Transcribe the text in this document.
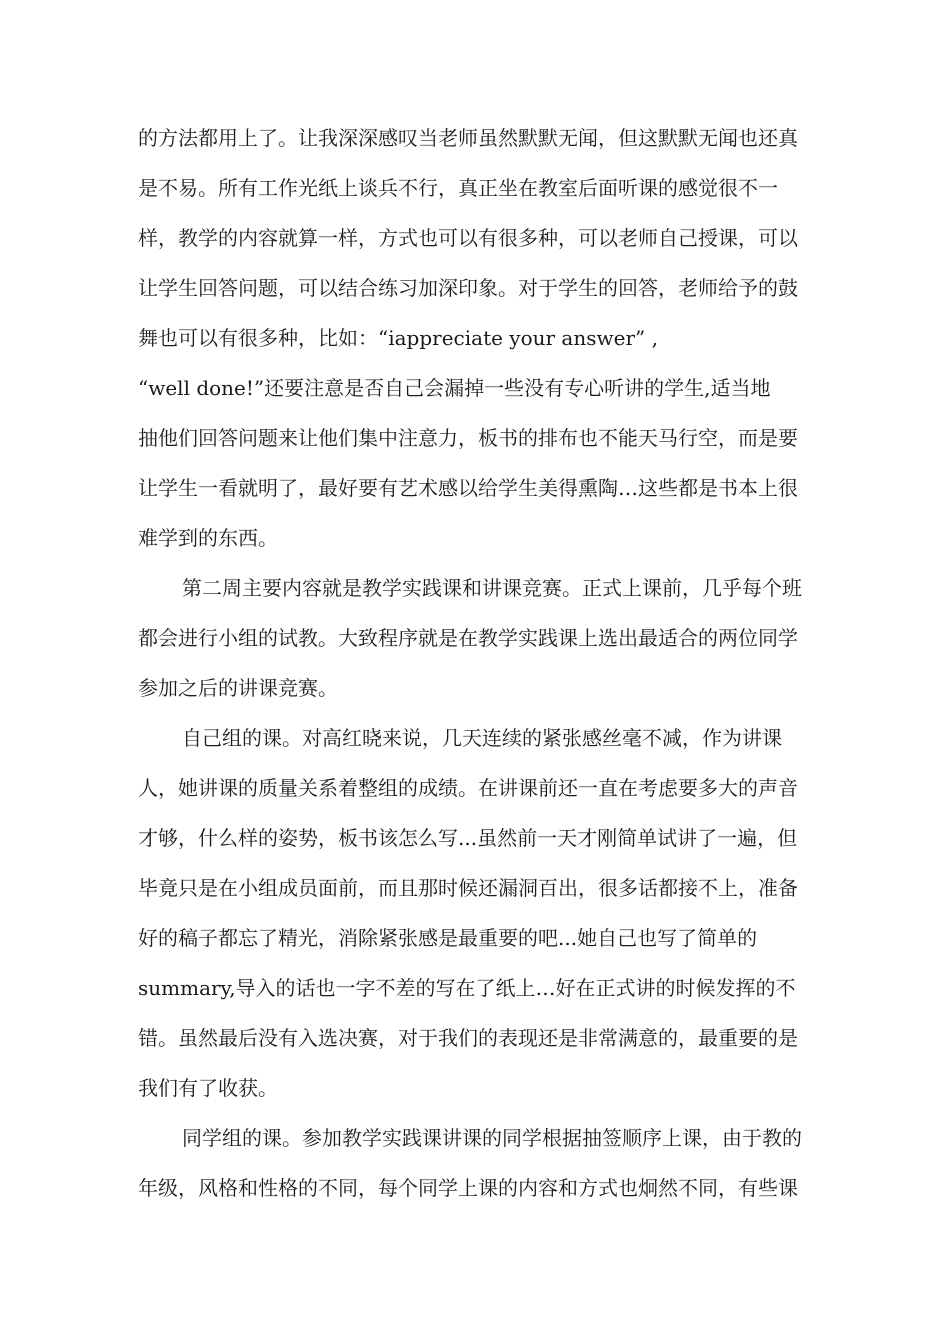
的方法都用上了。让我深深感叹当老师虽然默默无闻，但这默默无闻也还真
是不易。所有工作光纸上谈兵不行，真正坐在教室后面听课的感觉很不一
样，教学的内容就算一样，方式也可以有很多种，可以老师自己授课，可以
让学生回答问题，可以结合练习加深印象。对于学生的回答，老师给予的鼓
舞也可以有很多种，比如：“iappreciate your answer” ,
“well done!”还要注意是否自己会漏掉一些没有专心听讲的学生,适当地
抽他们回答问题来让他们集中注意力，板书的排布也不能天马行空，而是要
让学生一看就明了，最好要有艺术感以给学生美得熏陶…这些都是书本上很
难学到的东西。
第二周主要内容就是教学实践课和讲课竞赛。正式上课前，几乎每个班
都会进行小组的试教。大致程序就是在教学实践课上选出最适合的两位同学
参加之后的讲课竞赛。
自己组的课。对高红晓来说，几天连续的紧张感丝毫不减，作为讲课
人，她讲课的质量关系着整组的成绩。在讲课前还一直在考虑要多大的声音
才够，什么样的姿势，板书该怎么写...虽然前一天才刚简单试讲了一遍，但
毕竟只是在小组成员面前，而且那时候还漏洞百出，很多话都接不上，准备
好的稿子都忘了精光，消除紧张感是最重要的吧...她自己也写了简单的
summary,导入的话也一字不差的写在了纸上…好在正式讲的时候发挥的不
错。虽然最后没有入选决赛，对于我们的表现还是非常满意的，最重要的是
我们有了收获。
同学组的课。参加教学实践课讲课的同学根据抽签顺序上课，由于教的
年级，风格和性格的不同，每个同学上课的内容和方式也炯然不同，有些课
